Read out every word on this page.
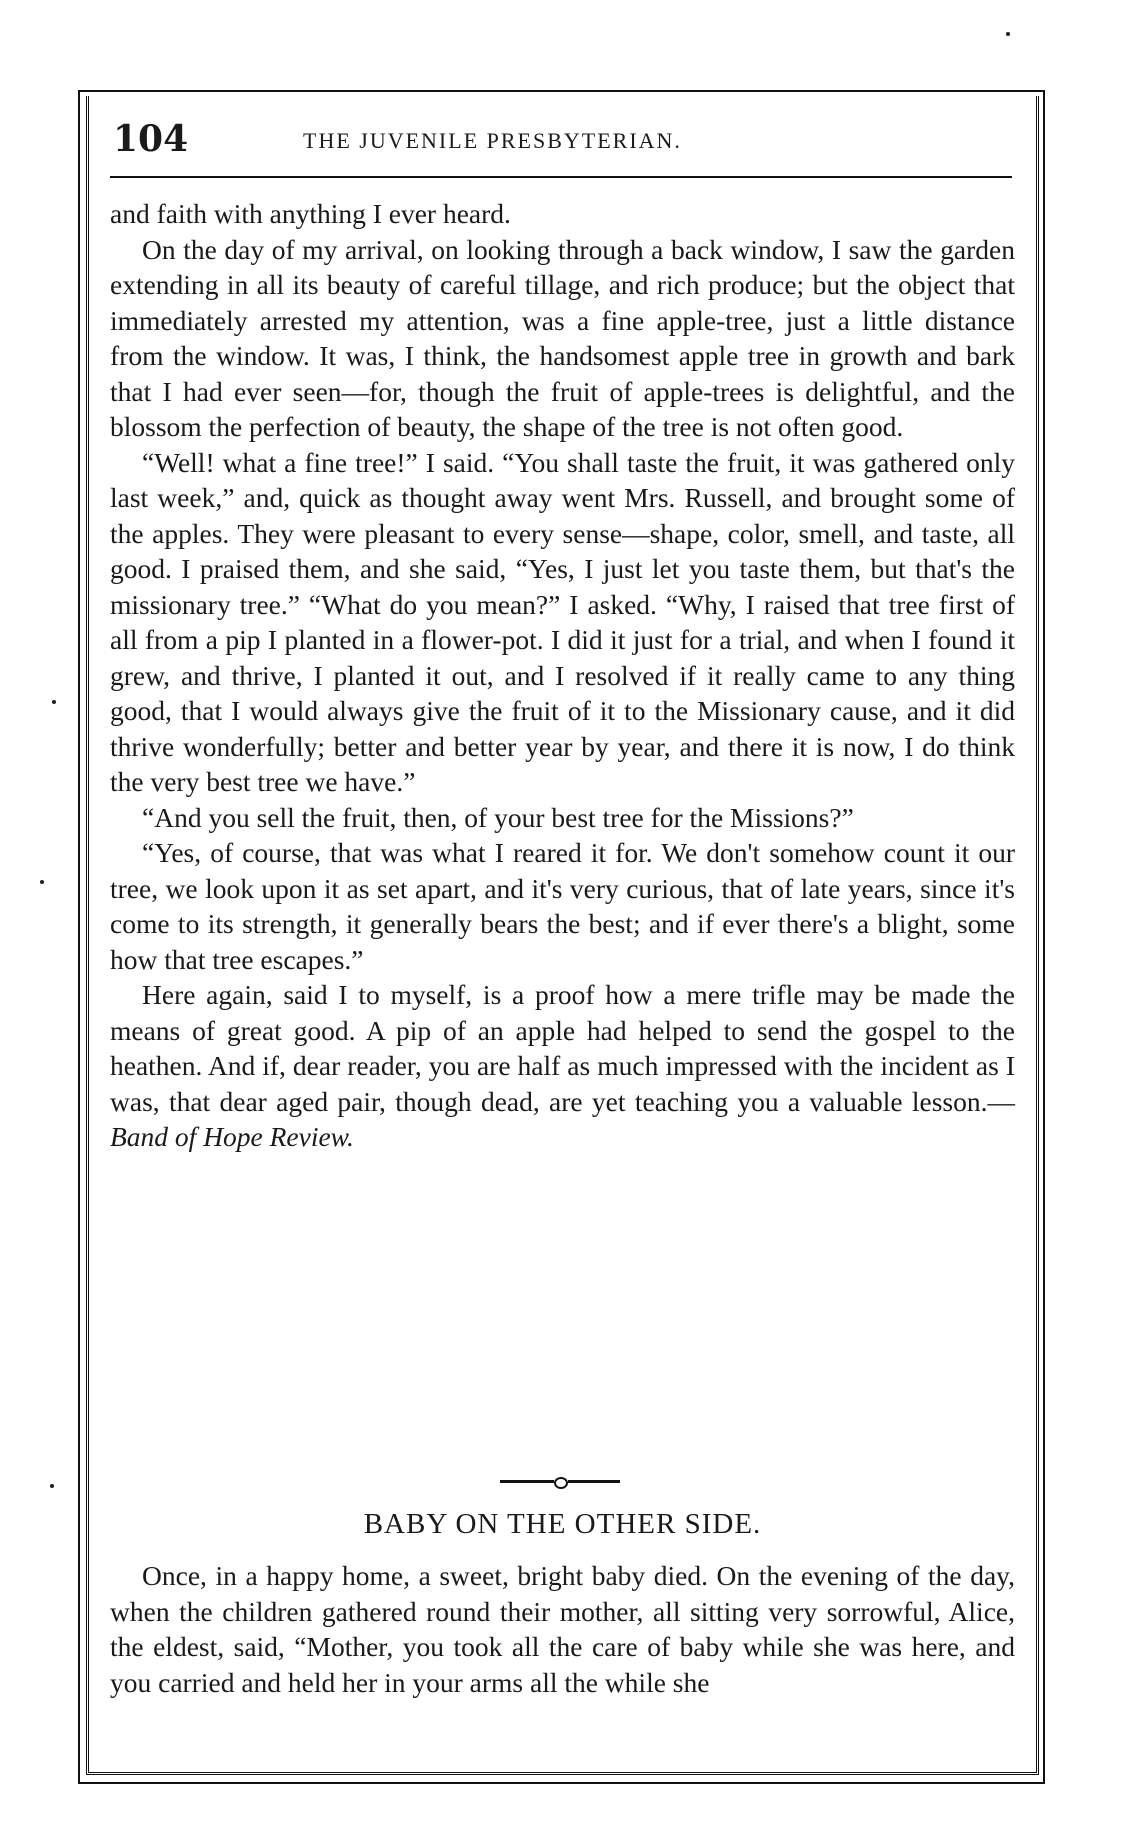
104	THE JUVENILE PRESBYTERIAN.

and faith with anything I ever heard.

On the day of my arrival, on looking through a back window, I saw the garden extending in all its beauty of careful tillage, and rich produce; but the object that immediately arrested my attention, was a fine apple-tree, just a little distance from the window. It was, I think, the handsomest apple tree in growth and bark that I had ever seen—for, though the fruit of apple-trees is delightful, and the blossom the perfection of beauty, the shape of the tree is not often good.

“Well! what a fine tree!” I said. “You shall taste the fruit, it was gathered only last week,” and, quick as thought away went Mrs. Russell, and brought some of the apples. They were pleasant to every sense—shape, color, smell, and taste, all good. I praised them, and she said, “Yes, I just let you taste them, but that's the missionary tree.” “What do you mean?” I asked. “Why, I raised that tree first of all from a pip I planted in a flower-pot. I did it just for a trial, and when I found it grew, and thrive, I planted it out, and I resolved if it really came to any thing good, that I would always give the fruit of it to the Missionary cause, and it did thrive wonderfully; better and better year by year, and there it is now, I do think the very best tree we have.”

“And you sell the fruit, then, of your best tree for the Missions?”

“Yes, of course, that was what I reared it for. We don't somehow count it our tree, we look upon it as set apart, and it's very curious, that of late years, since it's come to its strength, it generally bears the best; and if ever there's a blight, some how that tree escapes.”

Here again, said I to myself, is a proof how a mere trifle may be made the means of great good. A pip of an apple had helped to send the gospel to the heathen. And if, dear reader, you are half as much impressed with the incident as I was, that dear aged pair, though dead, are yet teaching you a valuable lesson.—Band of Hope Review.

BABY ON THE OTHER SIDE.

Once, in a happy home, a sweet, bright baby died. On the evening of the day, when the children gathered round their mother, all sitting very sorrowful, Alice, the eldest, said, “Mother, you took all the care of baby while she was here, and you carried and held her in your arms all the while she
